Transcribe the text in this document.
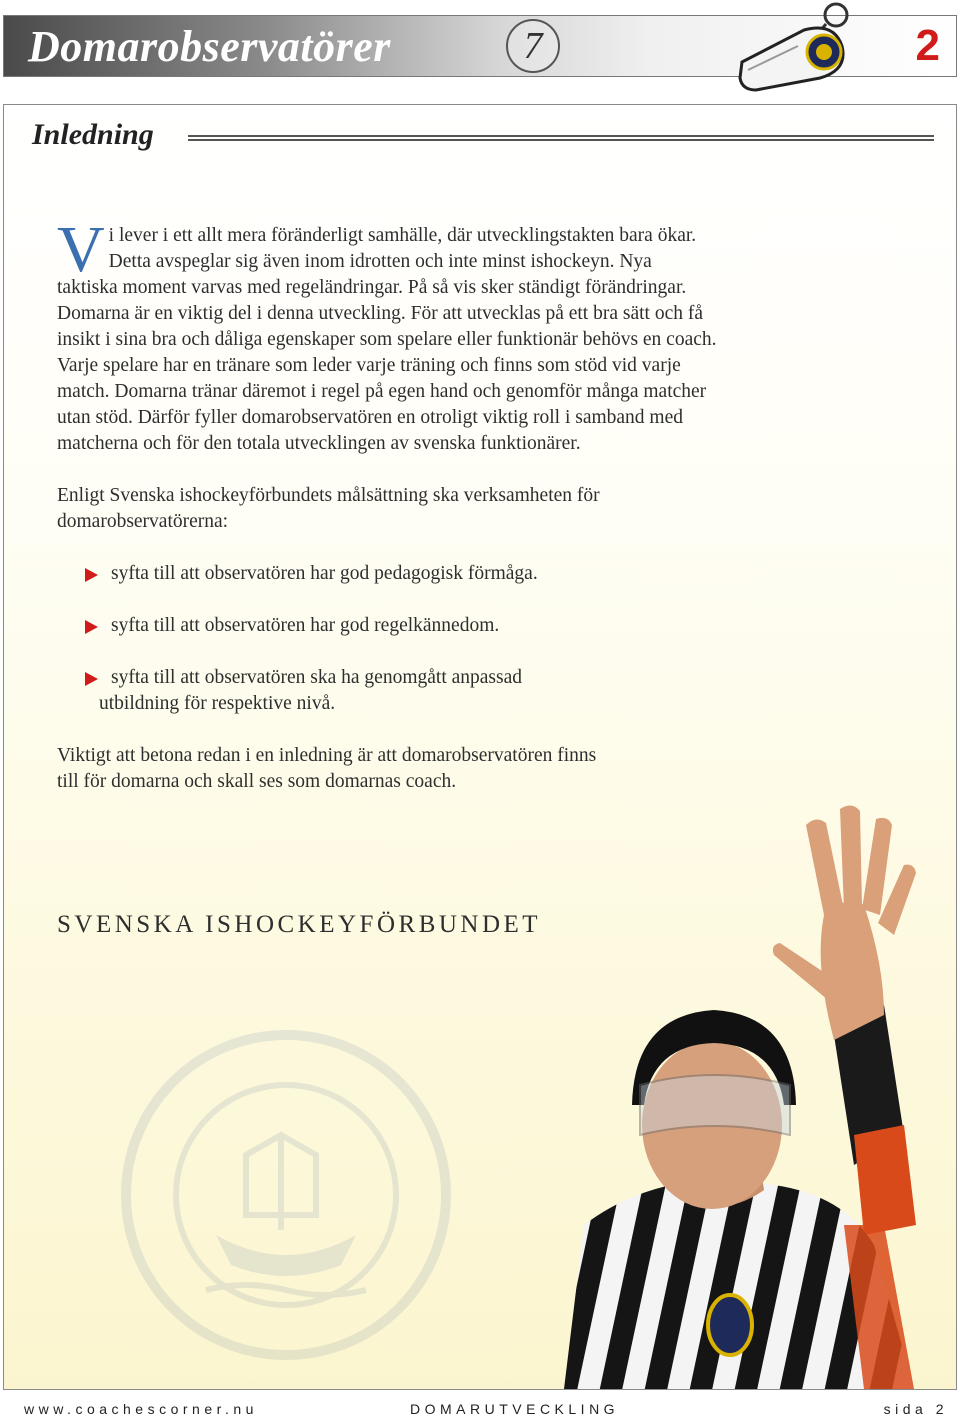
Domarobservatörer	7	2
Inledning

Vi lever i ett allt mera föränderligt samhälle, där utvecklingstakten bara ökar. Detta avspeglar sig även inom idrotten och inte minst ishockeyn. Nya taktiska moment varvas med regeländringar. På så vis sker ständigt förändringar.

Domarna är en viktig del i denna utveckling. För att utvecklas på ett bra sätt och få insikt i sina bra och dåliga egenskaper som spelare eller funktionär behövs en coach. Varje spelare har en tränare som leder varje träning och finns som stöd vid varje match. Domarna tränar däremot i regel på egen hand och genomför många matcher utan stöd. Därför fyller domarobservatören en otroligt viktig roll i samband med matcherna och för den totala utvecklingen av svenska funktionärer.

Enligt Svenska ishockeyförbundets målsättning ska verksamheten för domarobservatörerna:

syfta till att observatören har god pedagogisk förmåga.

syfta till att observatören har god regelkännedom.

syfta till att observatören ska ha genomgått anpassad

utbildning för respektive nivå.

Viktigt att betona redan i en inledning är att domarobservatören finns till för domarna och skall ses som domarnas coach.

SVENSKA ISHOCKEYFÖRBUNDET
www.coachescorner.nu	DOMARUTVECKLING	sida 2
